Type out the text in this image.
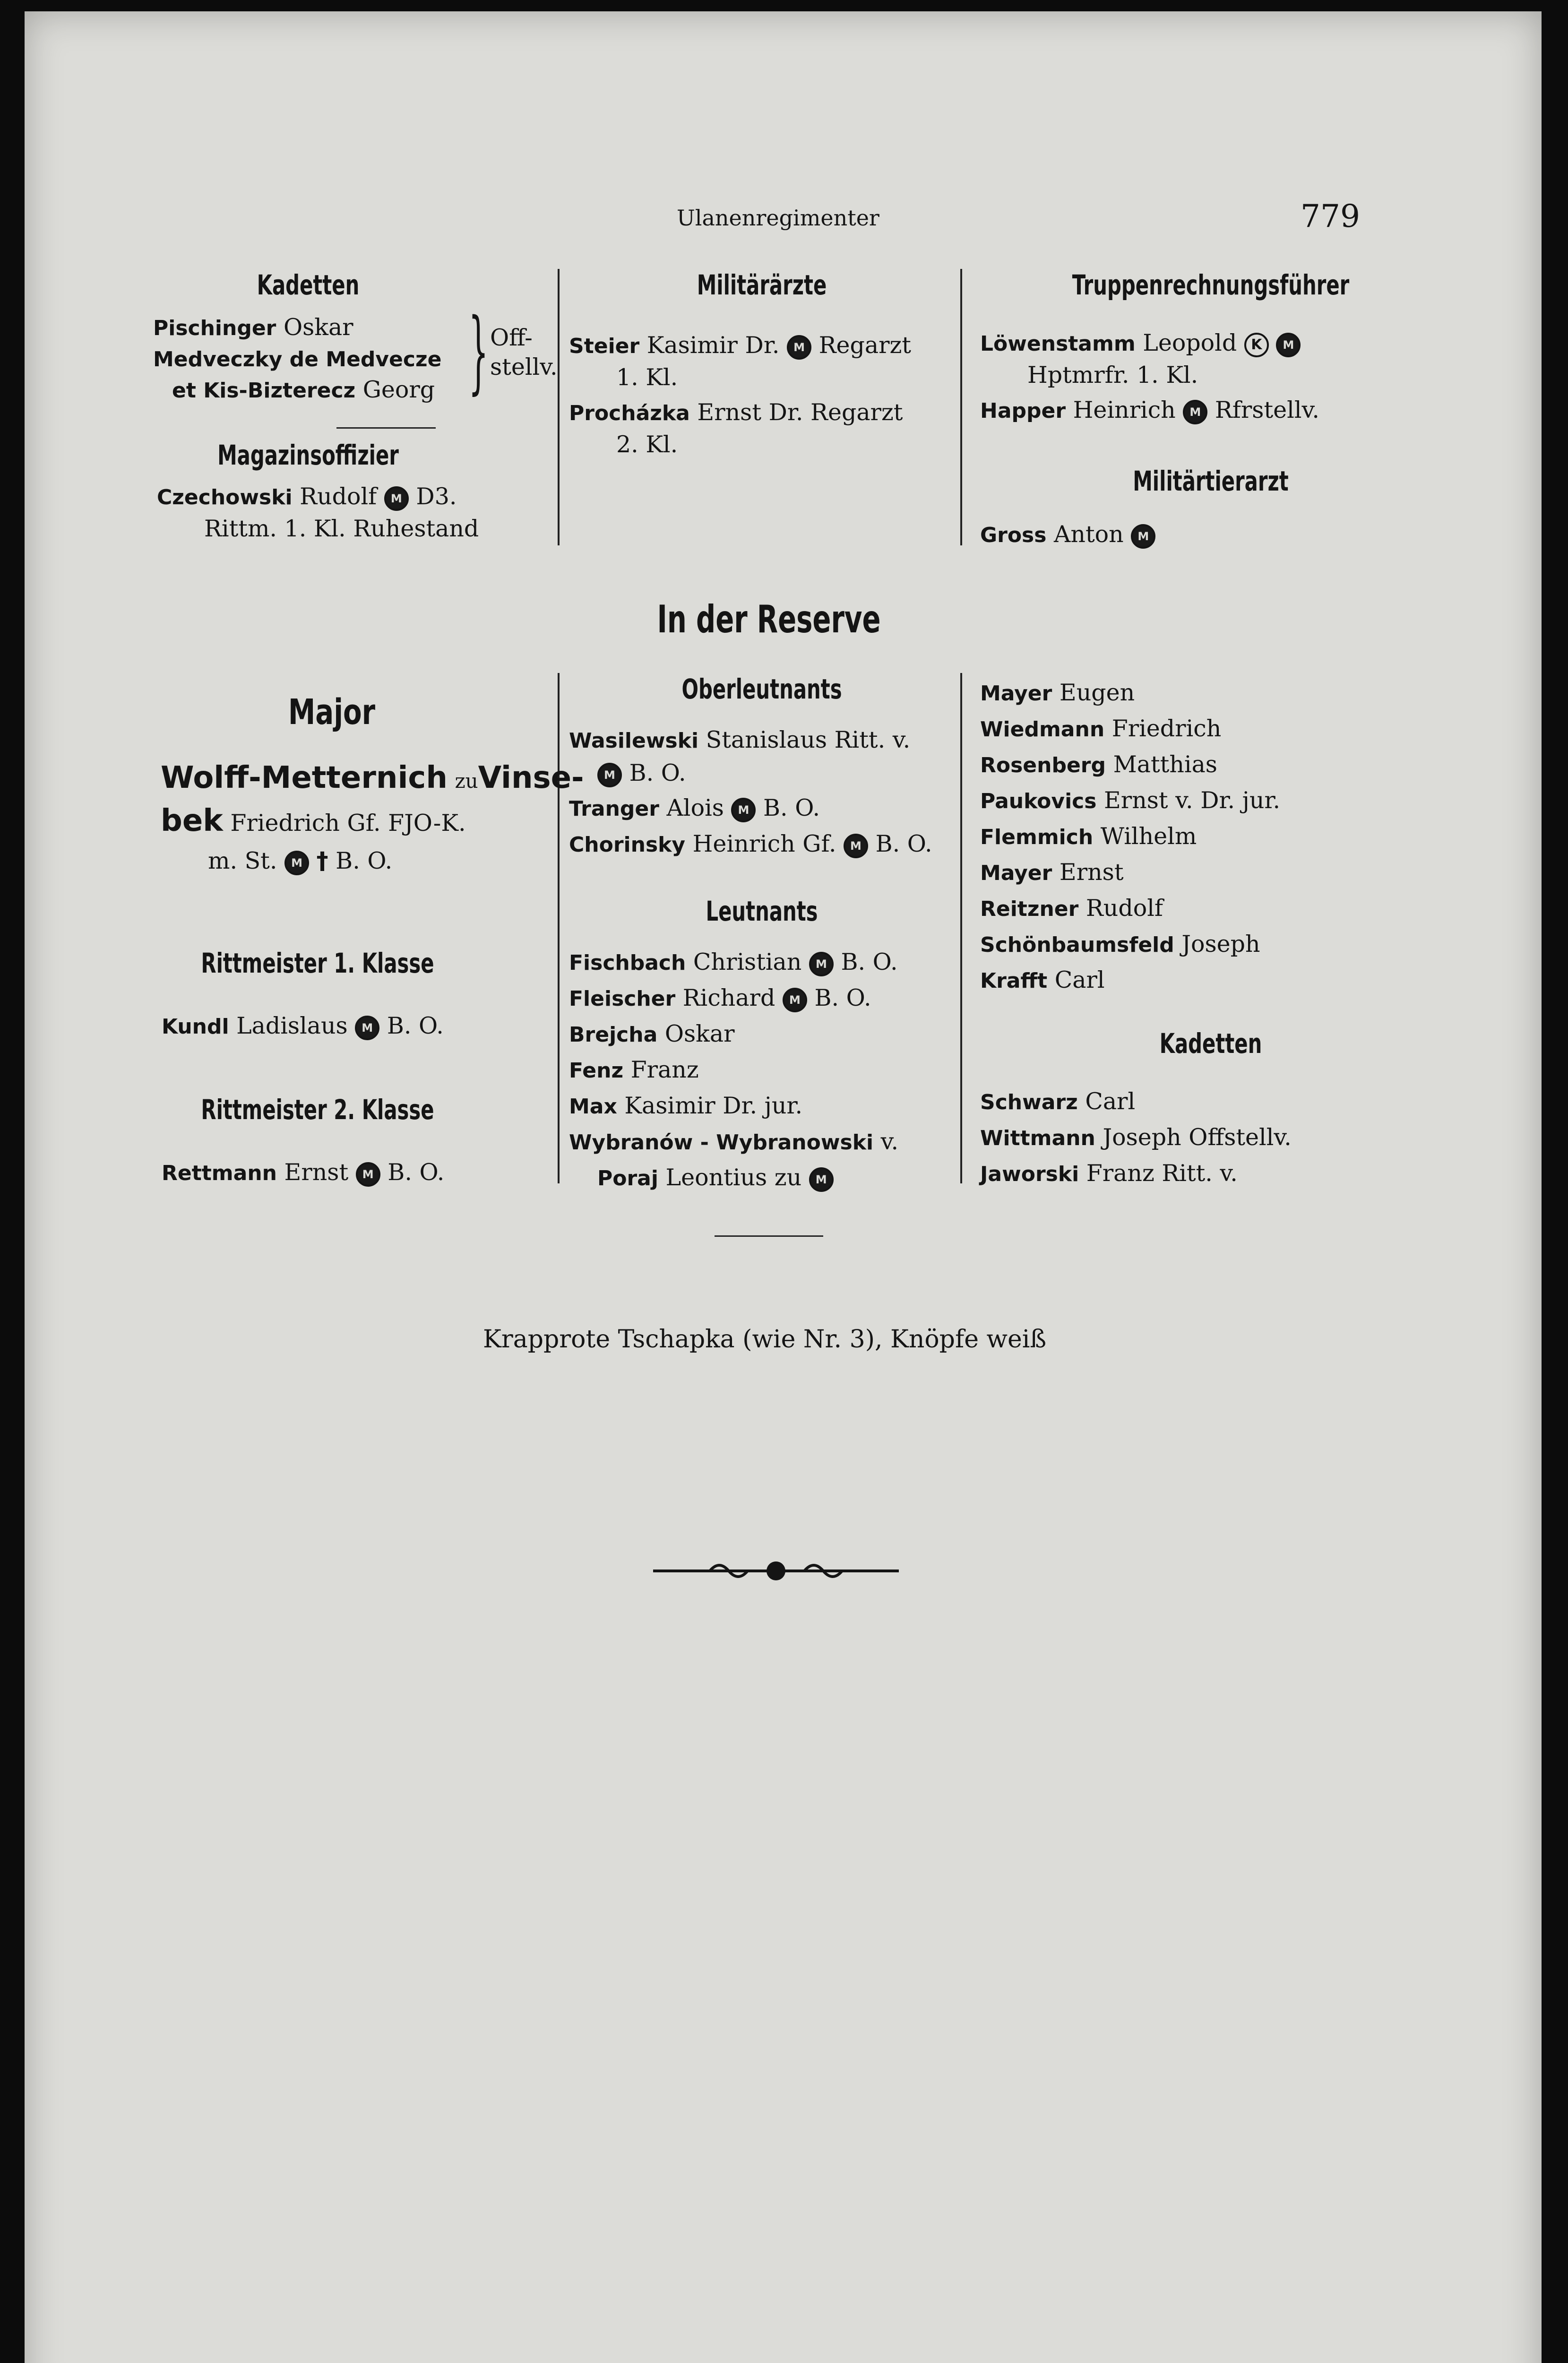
Ulanenregimenter	779
Kadetten
Pischinger Oskar
Medveczky de Medvecze
et Kis-Bizterecz Georg } Off-
stellv.
Magazinsoffizier
Czechowski Rudolf M D3.
Rittm. 1. Kl. Ruhestand
Militärärzte
Steier Kasimir Dr. M Regarzt
1. Kl.
Procházka Ernst Dr. Regarzt
2. Kl.
Truppenrechnungsführer
Löwenstamm Leopold K M
Hptmrfr. 1. Kl.
Happer Heinrich M Rfrstellv.
Militärtierarzt
Gross Anton M
In der Reserve
Major
Wolff-Metternich zuVinse-
bek Friedrich Gf. FJO-K.
m. St. M † B. O.
Rittmeister 1. Klasse
Kundl Ladislaus M B. O.
Rittmeister 2. Klasse
Rettmann Ernst M B. O.
Oberleutnants
Wasilewski Stanislaus Ritt. v.
M B. O.
Tranger Alois M B. O.
Chorinsky Heinrich Gf. M B. O.
Leutnants
Fischbach Christian M B. O.
Fleischer Richard M B. O.
Brejcha Oskar
Fenz Franz
Max Kasimir Dr. jur.
Wybranów - Wybranowski v.
Poraj Leontius zu M
Mayer Eugen
Wiedmann Friedrich
Rosenberg Matthias
Paukovics Ernst v. Dr. jur.
Flemmich Wilhelm
Mayer Ernst
Reitzner Rudolf
Schönbaumsfeld Joseph
Krafft Carl
Kadetten
Schwarz Carl
Wittmann Joseph Offstellv.
Jaworski Franz Ritt. v.
Krapprote Tschapka (wie Nr. 3), Knöpfe weiß
